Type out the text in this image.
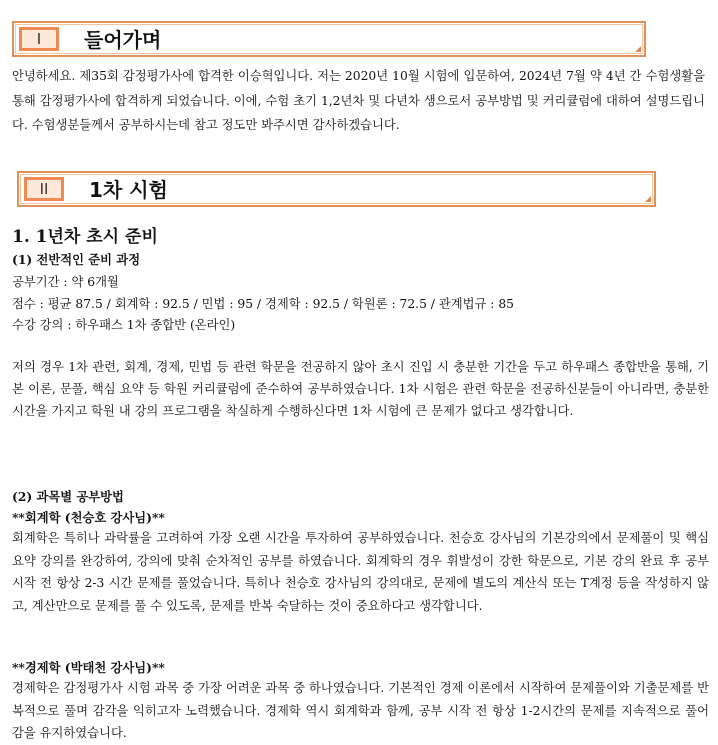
I	들어가며
안녕하세요. 제35회 감정평가사에 합격한 이승혁입니다. 저는 2020년 10월 시험에 입문하여, 2024년 7월 약 4년 간 수험생활을 통해 감정평가사에 합격하게 되었습니다. 이에, 수험 초기 1,2년차 및 다년차 생으로서 공부방법 및 커리큘럼에 대하여 설명드립니다. 수험생분들께서 공부하시는데 참고 정도만 봐주시면 감사하겠습니다.
II	1차 시험
1. 1년차 초시 준비
(1) 전반적인 준비 과정
공부기간 : 약 6개월
점수 : 평균 87.5 / 회계학 : 92.5 / 민법 : 95 / 경제학 : 92.5 / 학원론 : 72.5 / 관계법규 : 85
수강 강의 : 하우패스 1차 종합반 (온라인)
저의 경우 1차 관련, 회계, 경제, 민법 등 관련 학문을 전공하지 않아 초시 진입 시 충분한 기간을 두고 하우패스 종합반을 통해, 기본 이론, 문풀, 핵심 요약 등 학원 커리큘럼에 준수하여 공부하였습니다. 1차 시험은 관련 학문을 전공하신분들이 아니라면, 충분한 시간을 가지고 학원 내 강의 프로그램을 착실하게 수행하신다면 1차 시험에 큰 문제가 없다고 생각합니다.
(2) 과목별 공부방법
**회계학 (천승호 강사님)**
회계학은 특히나 과락률을 고려하여 가장 오랜 시간을 투자하여 공부하였습니다. 천승호 강사님의 기본강의에서 문제풀이 및 핵심 요약 강의를 완강하여, 강의에 맞춰 순차적인 공부를 하였습니다. 회계학의 경우 휘발성이 강한 학문으로, 기본 강의 완료 후 공부 시작 전 항상 2-3 시간 문제를 풀었습니다. 특히나 천승호 강사님의 강의대로, 문제에 별도의 계산식 또는 T계정 등을 작성하지 않고, 계산만으로 문제를 풀 수 있도록, 문제를 반복 숙달하는 것이 중요하다고 생각합니다.
**경제학 (박태천 강사님)**
경제학은 감정평가사 시험 과목 중 가장 어려운 과목 중 하나였습니다. 기본적인 경제 이론에서 시작하여 문제풀이와 기출문제를 반복적으로 풀며 감각을 익히고자 노력했습니다. 경제학 역시 회계학과 함께, 공부 시작 전 항상 1-2시간의 문제를 지속적으로 풀어 감을 유지하였습니다.
